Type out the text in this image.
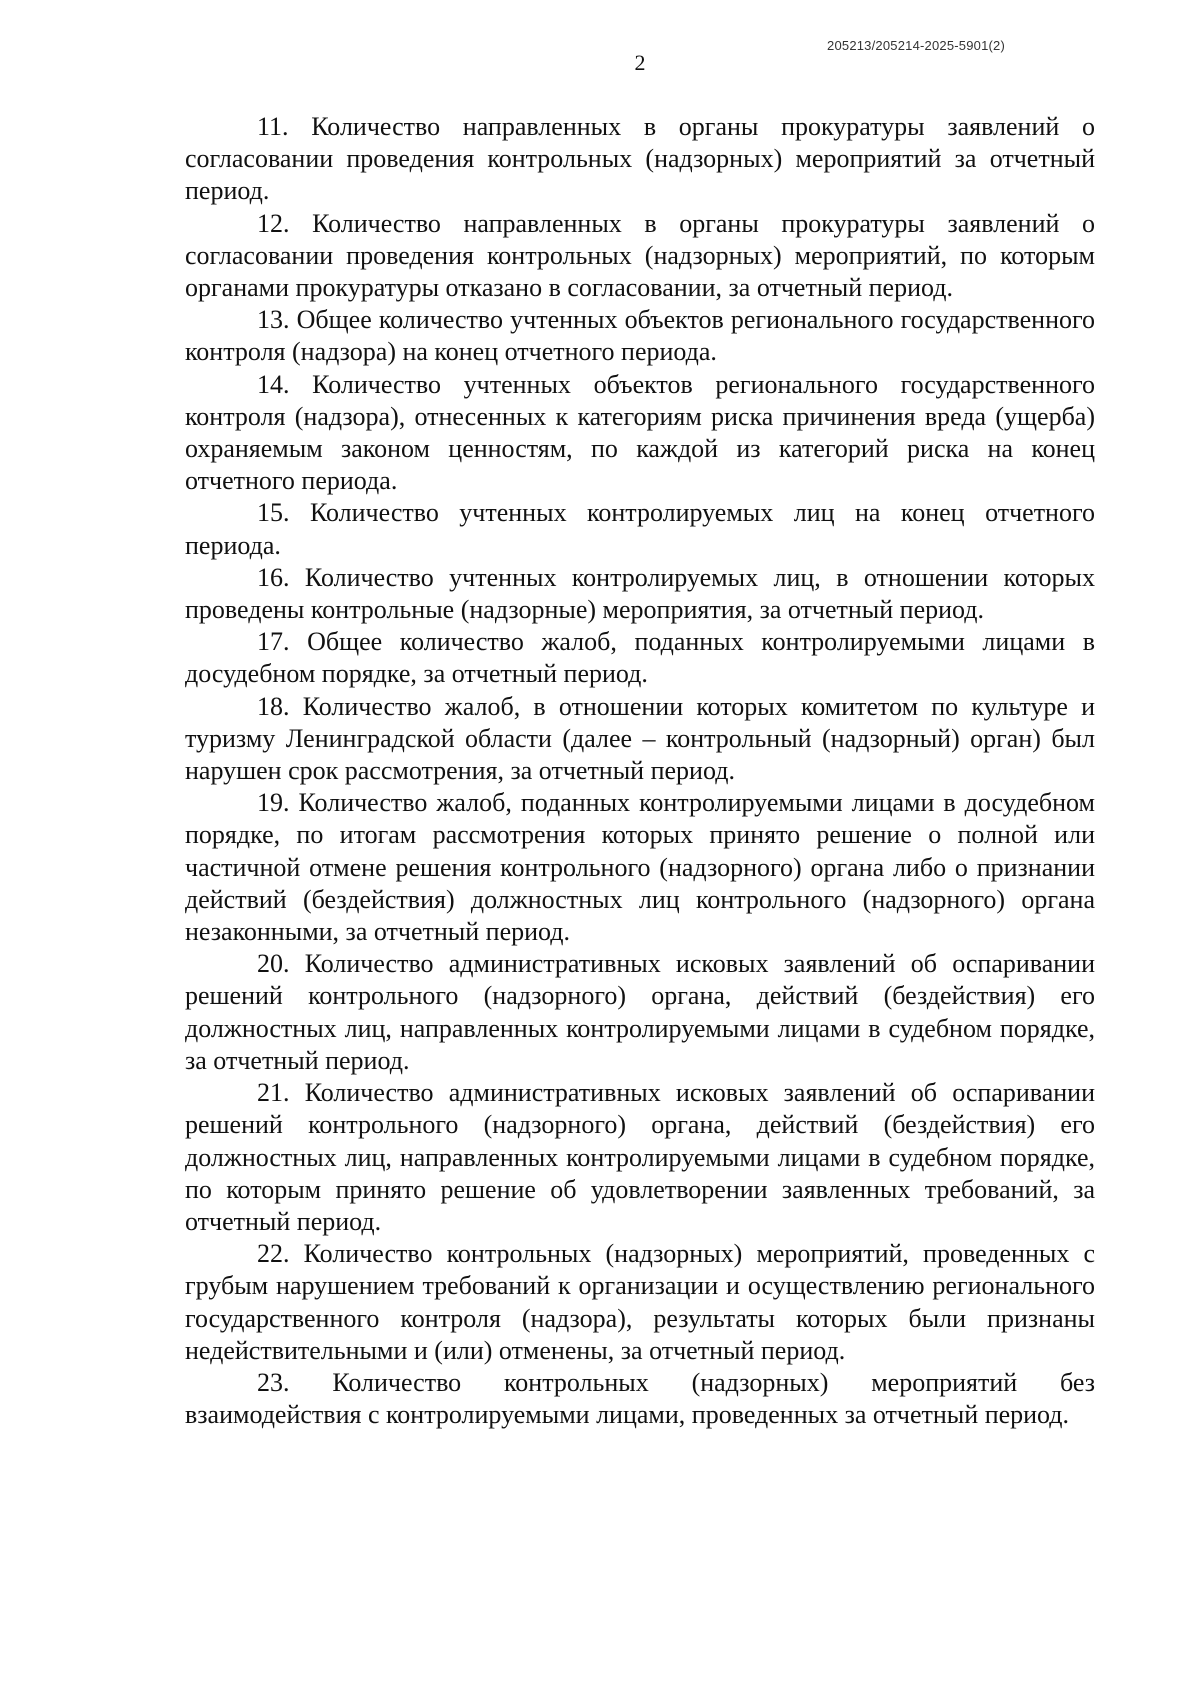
205213/205214-2025-5901(2)
2

11. Количество направленных в органы прокуратуры заявлений о согласовании проведения контрольных (надзорных) мероприятий за отчетный период.

12. Количество направленных в органы прокуратуры заявлений о согласовании проведения контрольных (надзорных) мероприятий, по которым органами прокуратуры отказано в согласовании, за отчетный период.

13. Общее количество учтенных объектов регионального государственного контроля (надзора) на конец отчетного периода.

14. Количество учтенных объектов регионального государственного контроля (надзора), отнесенных к категориям риска причинения вреда (ущерба) охраняемым законом ценностям, по каждой из категорий риска на конец отчетного периода.

15. Количество учтенных контролируемых лиц на конец отчетного периода.

16. Количество учтенных контролируемых лиц, в отношении которых проведены контрольные (надзорные) мероприятия, за отчетный период.

17. Общее количество жалоб, поданных контролируемыми лицами в досудебном порядке, за отчетный период.

18. Количество жалоб, в отношении которых комитетом по культуре и туризму Ленинградской области (далее – контрольный (надзорный) орган) был нарушен срок рассмотрения, за отчетный период.

19. Количество жалоб, поданных контролируемыми лицами в досудебном порядке, по итогам рассмотрения которых принято решение о полной или частичной отмене решения контрольного (надзорного) органа либо о признании действий (бездействия) должностных лиц контрольного (надзорного) органа незаконными, за отчетный период.

20. Количество административных исковых заявлений об оспаривании решений контрольного (надзорного) органа, действий (бездействия) его должностных лиц, направленных контролируемыми лицами в судебном порядке, за отчетный период.

21. Количество административных исковых заявлений об оспаривании решений контрольного (надзорного) органа, действий (бездействия) его должностных лиц, направленных контролируемыми лицами в судебном порядке, по которым принято решение об удовлетворении заявленных требований, за отчетный период.

22. Количество контрольных (надзорных) мероприятий, проведенных с грубым нарушением требований к организации и осуществлению регионального государственного контроля (надзора), результаты которых были признаны недействительными и (или) отменены, за отчетный период.

23. Количество контрольных (надзорных) мероприятий без взаимодействия с контролируемыми лицами, проведенных за отчетный период.
